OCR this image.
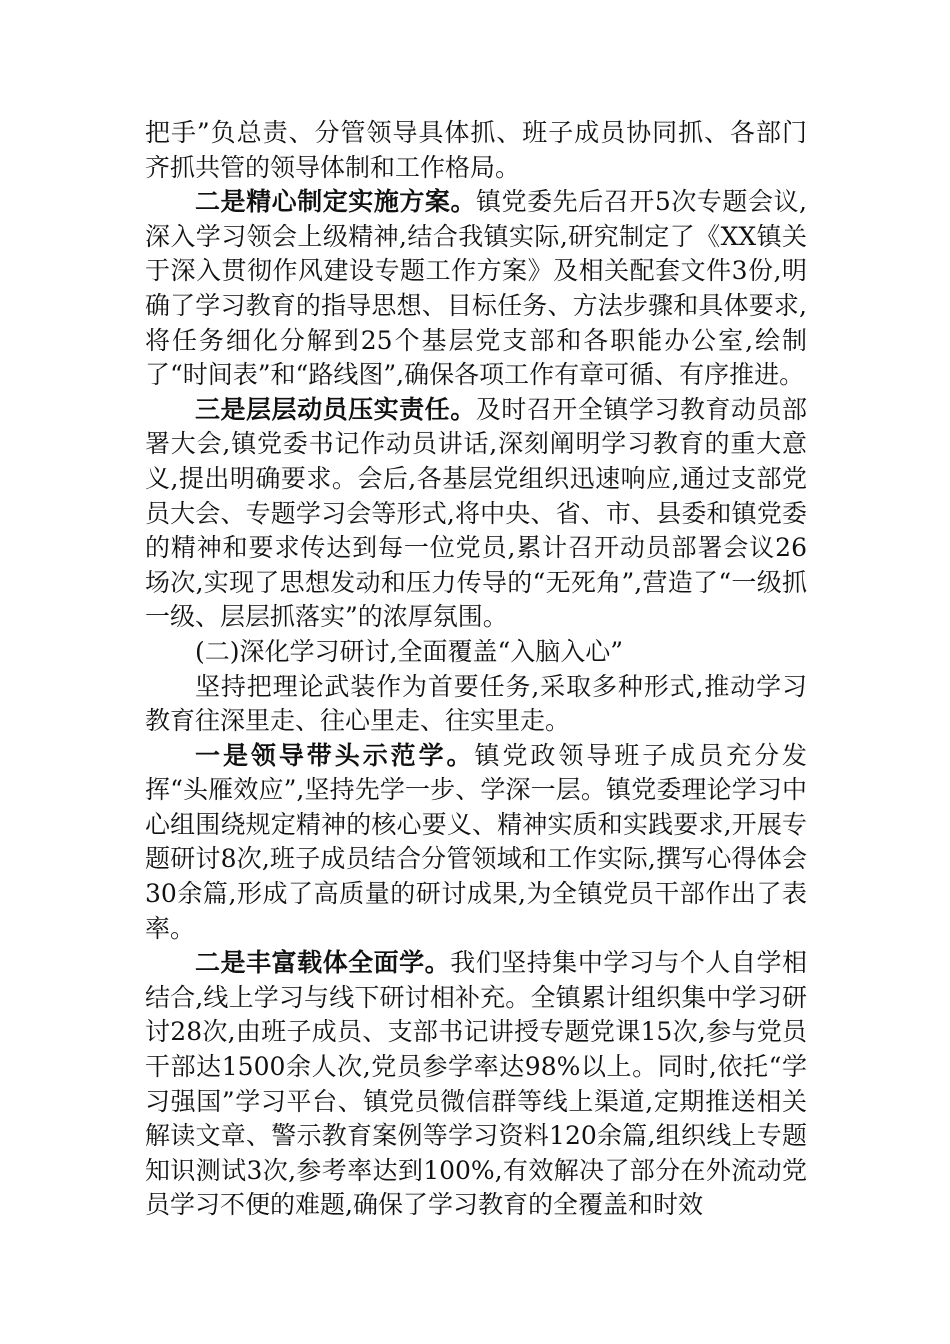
把手”负总责、分管领导具体抓、班子成员协同抓、各部门齐抓共管的领导体制和工作格局。

二是精心制定实施方案。镇党委先后召开5次专题会议,深入学习领会上级精神,结合我镇实际,研究制定了《XX镇关于深入贯彻作风建设专题工作方案》及相关配套文件3份,明确了学习教育的指导思想、目标任务、方法步骤和具体要求,将任务细化分解到25个基层党支部和各职能办公室,绘制了“时间表”和“路线图”,确保各项工作有章可循、有序推进。

三是层层动员压实责任。及时召开全镇学习教育动员部署大会,镇党委书记作动员讲话,深刻阐明学习教育的重大意义,提出明确要求。会后,各基层党组织迅速响应,通过支部党员大会、专题学习会等形式,将中央、省、市、县委和镇党委的精神和要求传达到每一位党员,累计召开动员部署会议26场次,实现了思想发动和压力传导的“无死角”,营造了“一级抓一级、层层抓落实”的浓厚氛围。

(二)深化学习研讨,全面覆盖“入脑入心”

坚持把理论武装作为首要任务,采取多种形式,推动学习教育往深里走、往心里走、往实里走。

一是领导带头示范学。镇党政领导班子成员充分发挥“头雁效应”,坚持先学一步、学深一层。镇党委理论学习中心组围绕规定精神的核心要义、精神实质和实践要求,开展专题研讨8次,班子成员结合分管领域和工作实际,撰写心得体会30余篇,形成了高质量的研讨成果,为全镇党员干部作出了表率。

二是丰富载体全面学。我们坚持集中学习与个人自学相结合,线上学习与线下研讨相补充。全镇累计组织集中学习研讨28次,由班子成员、支部书记讲授专题党课15次,参与党员干部达1500余人次,党员参学率达98%以上。同时,依托“学习强国”学习平台、镇党员微信群等线上渠道,定期推送相关解读文章、警示教育案例等学习资料120余篇,组织线上专题知识测试3次,参考率达到100%,有效解决了部分在外流动党员学习不便的难题,确保了学习教育的全覆盖和时效
